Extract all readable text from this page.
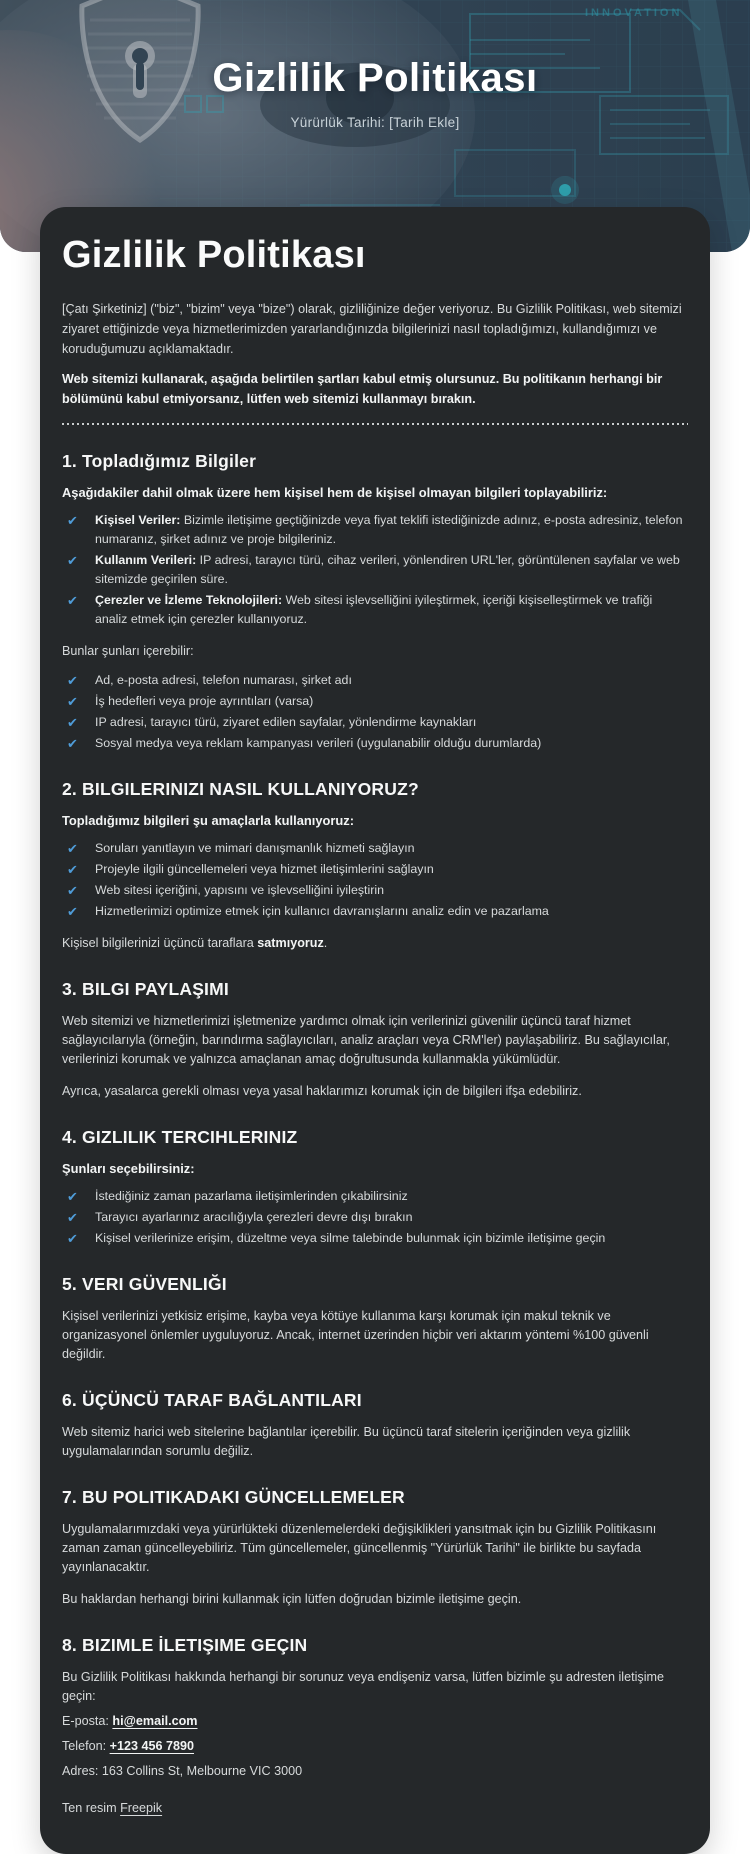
INNOVATION
Gizlilik Politikası
Yürürlük Tarihi: [Tarih Ekle]
Gizlilik Politikası

[Çatı Şirketiniz] ("biz", "bizim" veya "bize") olarak, gizliliğinize değer veriyoruz. Bu Gizlilik Politikası, web sitemizi ziyaret ettiğinizde veya hizmetlerimizden yararlandığınızda bilgilerinizi nasıl topladığımızı, kullandığımızı ve koruduğumuzu açıklamaktadır.

Web sitemizi kullanarak, aşağıda belirtilen şartları kabul etmiş olursunuz. Bu politikanın herhangi bir bölümünü kabul etmiyorsanız, lütfen web sitemizi kullanmayı bırakın.

1. Topladığımız Bilgiler

Aşağıdakiler dahil olmak üzere hem kişisel hem de kişisel olmayan bilgileri toplayabiliriz:

✔ Kişisel Veriler: Bizimle iletişime geçtiğinizde veya fiyat teklifi istediğinizde adınız, e-posta adresiniz, telefon numaranız, şirket adınız ve proje bilgileriniz.
✔ Kullanım Verileri: IP adresi, tarayıcı türü, cihaz verileri, yönlendiren URL'ler, görüntülenen sayfalar ve web sitemizde geçirilen süre.
✔ Çerezler ve İzleme Teknolojileri: Web sitesi işlevselliğini iyileştirmek, içeriği kişiselleştirmek ve trafiği analiz etmek için çerezler kullanıyoruz.

Bunlar şunları içerebilir:

✔ Ad, e-posta adresi, telefon numarası, şirket adı
✔ İş hedefleri veya proje ayrıntıları (varsa)
✔ IP adresi, tarayıcı türü, ziyaret edilen sayfalar, yönlendirme kaynakları
✔ Sosyal medya veya reklam kampanyası verileri (uygulanabilir olduğu durumlarda)
2. BILGILERINIZI NASIL KULLANIYORUZ?

Topladığımız bilgileri şu amaçlarla kullanıyoruz:

✔ Soruları yanıtlayın ve mimari danışmanlık hizmeti sağlayın
✔ Projeyle ilgili güncellemeleri veya hizmet iletişimlerini sağlayın
✔ Web sitesi içeriğini, yapısını ve işlevselliğini iyileştirin
✔ Hizmetlerimizi optimize etmek için kullanıcı davranışlarını analiz edin ve pazarlama

Kişisel bilgilerinizi üçüncü taraflara satmıyoruz.

3. BILGI PAYLAŞIMI

Web sitemizi ve hizmetlerimizi işletmenize yardımcı olmak için verilerinizi güvenilir üçüncü taraf hizmet sağlayıcılarıyla (örneğin, barındırma sağlayıcıları, analiz araçları veya CRM'ler) paylaşabiliriz. Bu sağlayıcılar, verilerinizi korumak ve yalnızca amaçlanan amaç doğrultusunda kullanmakla yükümlüdür.

Ayrıca, yasalarca gerekli olması veya yasal haklarımızı korumak için de bilgileri ifşa edebiliriz.

4. GIZLILIK TERCIHLERINIZ

Şunları seçebilirsiniz:

✔ İstediğiniz zaman pazarlama iletişimlerinden çıkabilirsiniz
✔ Tarayıcı ayarlarınız aracılığıyla çerezleri devre dışı bırakın
✔ Kişisel verilerinize erişim, düzeltme veya silme talebinde bulunmak için bizimle iletişime geçin
5. VERI GÜVENLIĞI

Kişisel verilerinizi yetkisiz erişime, kayba veya kötüye kullanıma karşı korumak için makul teknik ve organizasyonel önlemler uyguluyoruz. Ancak, internet üzerinden hiçbir veri aktarım yöntemi %100 güvenli değildir.

6. ÜÇÜNCÜ TARAF BAĞLANTILARI

Web sitemiz harici web sitelerine bağlantılar içerebilir. Bu üçüncü taraf sitelerin içeriğinden veya gizlilik uygulamalarından sorumlu değiliz.

7. BU POLITIKADAKI GÜNCELLEMELER

Uygulamalarımızdaki veya yürürlükteki düzenlemelerdeki değişiklikleri yansıtmak için bu Gizlilik Politikasını zaman zaman güncelleyebiliriz. Tüm güncellemeler, güncellenmiş "Yürürlük Tarihi" ile birlikte bu sayfada yayınlanacaktır.

Bu haklardan herhangi birini kullanmak için lütfen doğrudan bizimle iletişime geçin.

8. BIZIMLE İLETIŞIME GEÇIN

Bu Gizlilik Politikası hakkında herhangi bir sorunuz veya endişeniz varsa, lütfen bizimle şu adresten iletişime geçin:

E-posta: hi@email.com

Telefon: +123 456 7890

Adres: 163 Collins St, Melbourne VIC 3000

Ten resim Freepik
